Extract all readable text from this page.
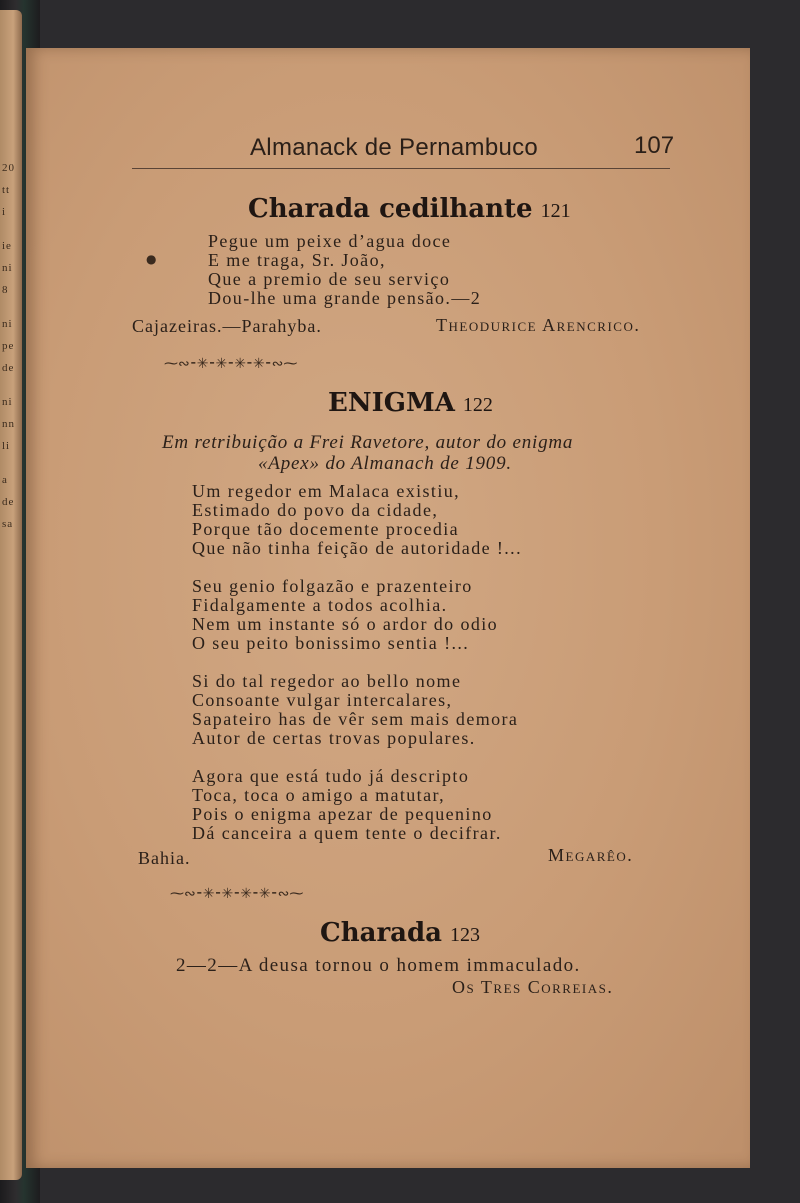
20
tt
i
ie
ni
8
ni
pe
de
ni
nn
li
a
de
sa
Almanack de Pernambuco	107
Charada cedilhante 121
●
Pegue um peixe d’agua doce
E me traga, Sr. João,
Que a premio de seu serviço
Dou-lhe uma grande pensão.—2
Cajazeiras.—Parahyba.	Theodurice Arencrico.
⁓∾⁃✳⁃✳⁃✳⁃✳⁃∾⁓
ENIGMA 122
Em retribuição a Frei Ravetore, autor do enigma
«Apex» do Almanach de 1909.
Um regedor em Malaca existiu,
Estimado do povo da cidade,
Porque tão docemente procedia
Que não tinha feição de autoridade !...
Seu genio folgazão e prazenteiro
Fidalgamente a todos acolhia.
Nem um instante só o ardor do odio
O seu peito bonissimo sentia !...
Si do tal regedor ao bello nome
Consoante vulgar intercalares,
Sapateiro has de vêr sem mais demora
Autor de certas trovas populares.
Agora que está tudo já descripto
Toca, toca o amigo a matutar,
Pois o enigma apezar de pequenino
Dá canceira a quem tente o decifrar.
Bahia.	Megarêo.
⁓∾⁃✳⁃✳⁃✳⁃✳⁃∾⁓
Charada 123
2—2—A deusa tornou o homem immaculado.
Os Tres Correias.
